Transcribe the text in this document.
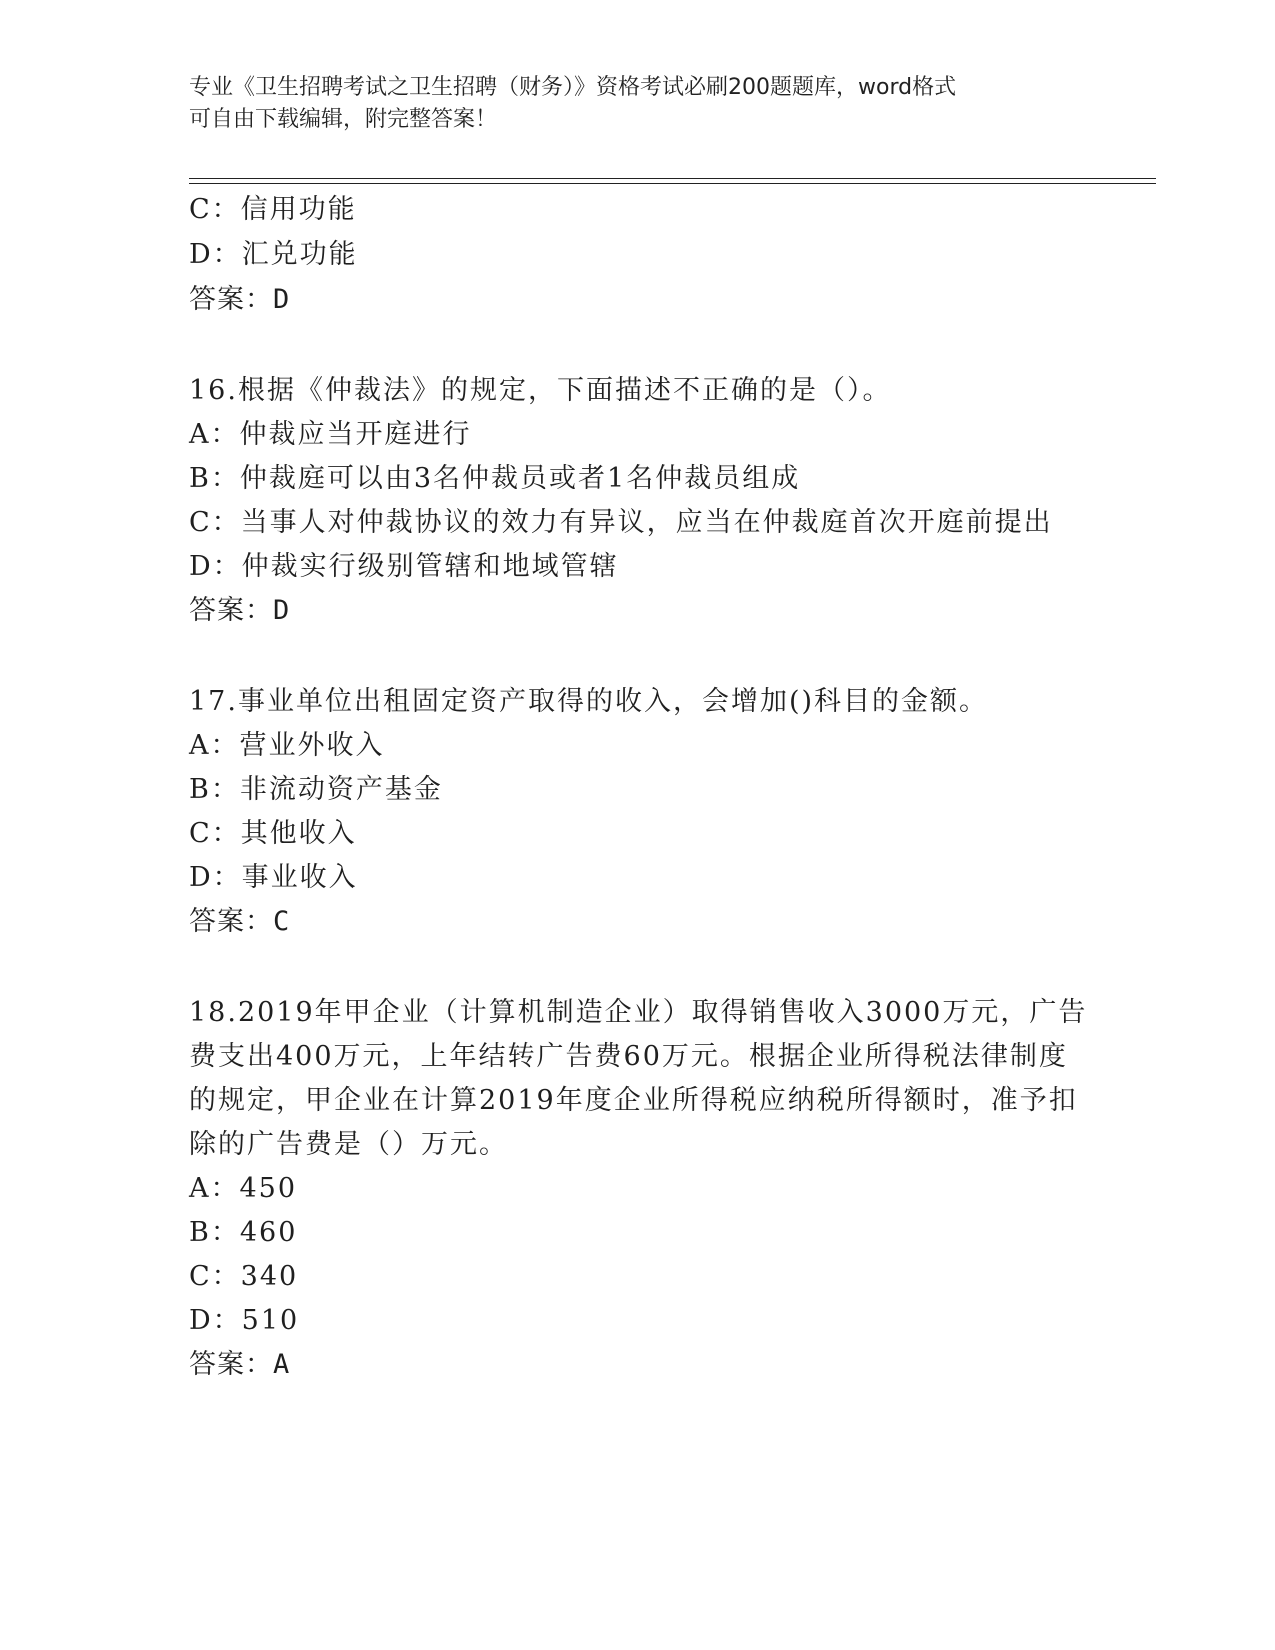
专业《卫生招聘考试之卫生招聘（财务）》资格考试必刷200题题库，word格式
可自由下载编辑，附完整答案！
C：信用功能
D：汇兑功能
答案：D
16.根据《仲裁法》的规定，下面描述不正确的是（）。
A：仲裁应当开庭进行
B：仲裁庭可以由3名仲裁员或者1名仲裁员组成
C：当事人对仲裁协议的效力有异议，应当在仲裁庭首次开庭前提出
D：仲裁实行级别管辖和地域管辖
答案：D
17.事业单位出租固定资产取得的收入，会增加()科目的金额。
A：营业外收入
B：非流动资产基金
C：其他收入
D：事业收入
答案：C
18.2019年甲企业（计算机制造企业）取得销售收入3000万元，广告
费支出400万元，上年结转广告费60万元。根据企业所得税法律制度
的规定，甲企业在计算2019年度企业所得税应纳税所得额时，准予扣
除的广告费是（）万元。
A：450
B：460
C：340
D：510
答案：A
